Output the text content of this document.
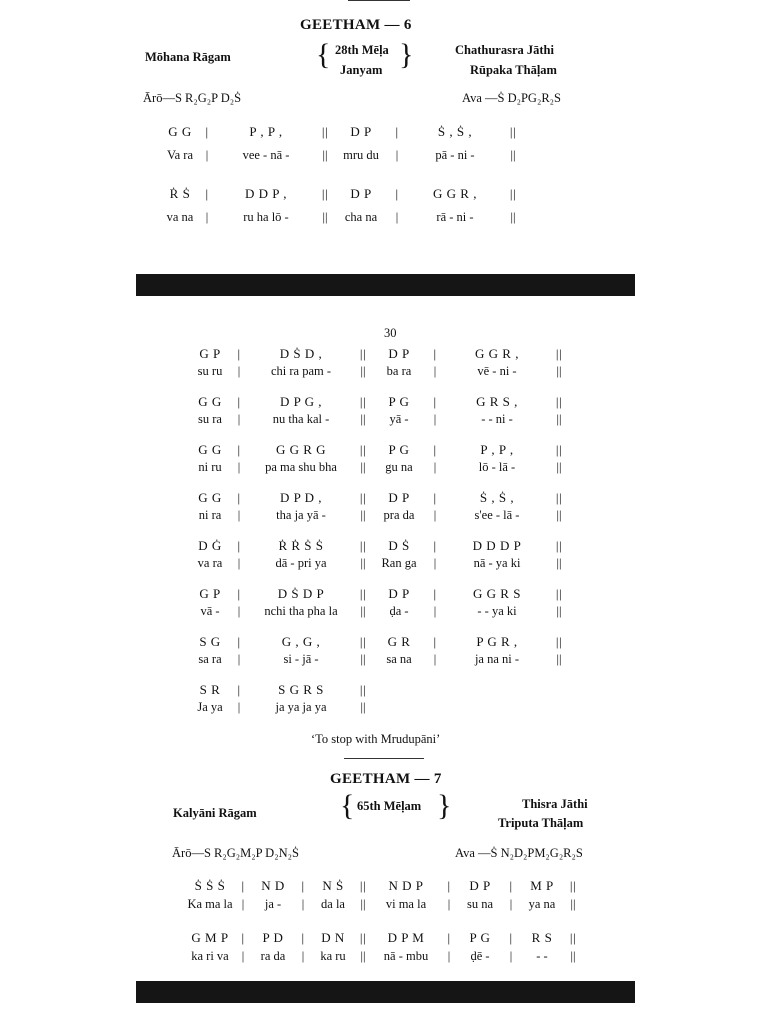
GEETHAM — 6
Mōhana Rāgam	{ 28th Mēḷa
Janyam }	Chathurasra Jāthi
Rūpaka Thāḷam
Ārō—S R₂G₂P D₂Ṡ	Ava —Ṡ D₂PG₂R₂S
G G	|	P , P ,	||	D P	|	Ṡ , Ṡ ,	||
Va ra	|	vee - nā -	||	mru du	|	pā - ni -	||
Ṙ Ṡ	|	D D P ,	||	D P	|	G G R ,	||
va na |	ru ha lō -	||	cha na	|	rā - ni -	||
30
G P	|	D Ṡ D ,	||	D P	|	G G R ,	||
su ru	|	chi ra pam -	||	ba ra	|	vē - ni -	||
G G	|	D P G ,	||	P G	|	G R S ,	||
su ra	|	nu tha kal -	||	yā -	|	- - ni -	||
G G	|	G G R G	||	P G	|	P , P ,	||
ni ru	|	pa ma shu bha	||	gu na	|	lō - lā -	||
G G	|	D P D ,	||	D P	|	Ṡ , Ṡ ,	||
ni ra	|	tha ja yā -	||	pra da	|	s'ee - lā -	||
D Ġ	|	Ṙ Ṙ Ṡ Ṡ	||	D Ṡ	|	D D D P	||
va ra	|	dā - pri ya	||	Ran ga	|	nā - ya ki	||
G P	|	D Ṡ D P	||	D P	|	G G R S	||
vā -	|	nchi tha pha la	||	ḍa -	|	- - ya ki	||
S G	|	G , G ,	||	G R	|	P G R ,	||
sa ra	|	si - jā -	||	sa na	|	ja na ni -	||
S R	|	S G R S	||
Ja ya	|	ja ya ja ya	||
‘To stop with Mrudupāni’
GEETHAM — 7
{ 65th Mēḷam }
Kalyāni Rāgam
Thisra Jāthi
Triputa Thāḷam
Ārō—S R₂G₂M₂P D₂N₂Ṡ	Ava —Ṡ N₂D₂PM₂G₂R₂S
Ṡ Ṡ Ṡ	|	N D	|	N Ṡ	||	N D P	|	D P	|	M P	||
Ka ma la |	ja -	|	da la	||	vi ma la	|	su na	|	ya na	||
G M P |	P D	|	D N	||	D P M	|	P G	|	R S	||
ka ri va	|	ra da	|	ka ru	||	nā - mbu	|	ḍē -	|	- -	||
